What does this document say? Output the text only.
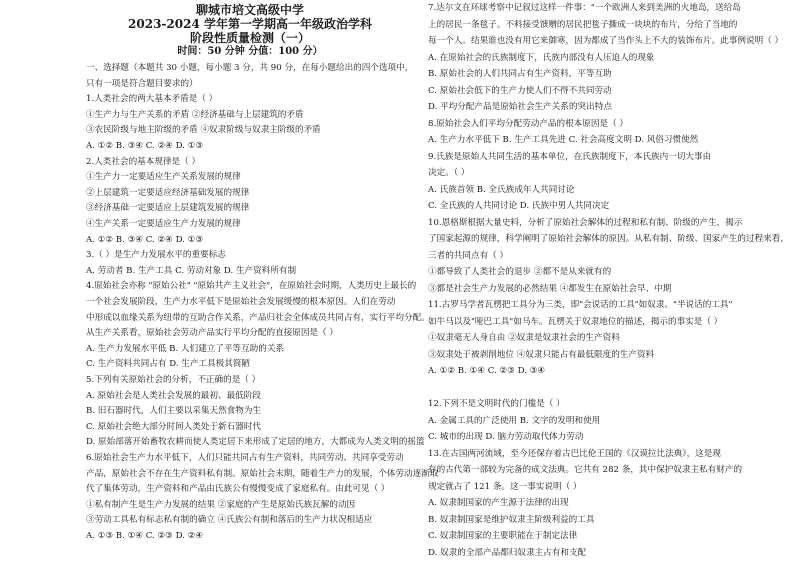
聊城市培文高级中学
2023-2024 学年第一学期高一年级政治学科
阶段性质量检测（一）
时间：50 分钟 分值：100 分）
一、选择题（本题共 30 小题，每小题 3 分，共 90 分，在每小题给出的四个选项中，
只有一项是符合题目要求的）
1.人类社会的两大基本矛盾是（ ）
①生产力与生产关系的矛盾 ②经济基础与上层建筑的矛盾
③农民阶级与地主阶级的矛盾 ④奴隶阶级与奴隶主阶级的矛盾
A. ①② B. ③④ C. ②④ D. ①③
2.人类社会的基本规律是（ ）
①生产力一定要适应生产关系发展的规律
②上层建筑一定要适应经济基础发展的规律
③经济基础一定要适应上层建筑发展的规律
④生产关系一定要适应生产力发展的规律
A. ①② B. ③④ C. ②④ D. ①③
3.（ ）是生产力发展水平的重要标志
A. 劳动者 B. 生产工具 C. 劳动对象 D. 生产资料所有制
4.原始社会亦称 "原始公社" "原始共产主义社会"，在原始社会时期，人类历史上最长的
一个社会发展阶段，生产力水平低下是原始社会发展缓慢的根本原因。人们在劳动
中形成以血缘关系为纽带的互助合作关系，产品归社会全体成员共同占有，实行平均分配。
从生产关系看，原始社会劳动产品实行平均分配的直接原因是（ ）
A. 生产力发展水平低 B. 人们建立了平等互助的关系
C. 生产资料共同占有 D. 生产工具极其简陋
5.下列有关原始社会的分析，不正确的是（ ）
A. 原始社会是人类社会发展的最初、最低阶段
B. 旧石器时代，人们主要以采集天然食物为生
C. 原始社会绝大部分时间人类处于新石器时代
D. 原始部落开始畜牧农耕而使人类定居下来形成了定居的地方，大都成为人类文明的摇篮
6.原始社会生产力水平低下，人们只能共同占有生产资料，共同劳动、共同享受劳动
产品，原始社会不存在生产资料私有制。原始社会末期，随着生产力的发展，个体劳动逐渐取
代了集体劳动，生产资料和产品由氏族公有慢慢变成了家庭私有。由此可见（ ）
①私有制产生是生产力发展的结果 ②家庭的产生是原始氏族瓦解的动因
③劳动工具私有标志私有制的确立 ④氏族公有制和落后的生产力状况相适应
A. ①③ B. ①④ C. ②③ D. ②④
7.达尔文在环球考察中记叙过这样一件事："一个欧洲人来到美洲的火地岛，送给岛
上的居民一条毯子。不料接受馈赠的居民把毯子撕成一块块的布片，分给了当地的
每一个人。结果谁也没有用它来御寒，因为都成了当作头上不大的装饰布片。此事例说明（ ）
A. 在原始社会的氏族制度下，氏族内部没有人压迫人的现象
B. 原始社会的人们共同占有生产资料，平等互助
C. 原始社会低下的生产力使人们不得不共同劳动
D. 平均分配产品是原始社会生产关系的突出特点
8.原始社会人们平均分配劳动产品的根本原因是（ ）
A. 生产力水平低下 B. 生产工具先进 C. 社会高度文明 D. 风俗习惯使然
9.氏族是原始人共同生活的基本单位，在氏族制度下，本氏族内一切大事由
决定。（ ）
A. 氏族首领 B. 全氏族成年人共同讨论
C. 全氏族的人共同讨论 D. 氏族中男人共同决定
10.恩格斯根据大量史料，分析了原始社会解体的过程和私有制、阶级的产生，揭示
了国家起源的规律，科学阐明了原始社会解体的原因。从私有制、阶级、国家产生的过程来看，
三者的共同点有（ ）
①都导致了人类社会的退步 ②都不是从来就有的
③都是社会生产力发展的必然结果 ④都发生在原始社会早、中期
11.古罗马学者瓦楞把工具分为三类，即"会说话的工具"如奴隶、"半说话的工具"
如牛马以及"哑巴工具"如马车。瓦楞关于奴隶地位的描述，揭示的事实是（ ）
①奴隶毫无人身自由 ②奴隶是奴隶社会的生产资料
③奴隶处于被剥削地位 ④奴隶只能占有最低限度的生产资料
A. ①② B. ①④ C. ②③ D. ③④
12.下列不是文明时代的门槛是（ ）
A. 金属工具的广泛使用 B. 文字的发明和使用
C. 城市的出现 D. 脑力劳动取代体力劳动
13.在古国两河流域，至今还保存着古巴比伦王国的《汉谟拉比法典》，这是现
存的古代第一部较为完备的成文法典。它共有 282 条，其中保护奴隶主私有财产的
规定就占了 121 条。这一事实说明（ ）
A. 奴隶制国家的产生源于法律的出现
B. 奴隶制国家是维护奴隶主阶级利益的工具
C. 奴隶制国家的主要职能在于制定法律
D. 奴隶的全部产品都归奴隶主占有和支配
